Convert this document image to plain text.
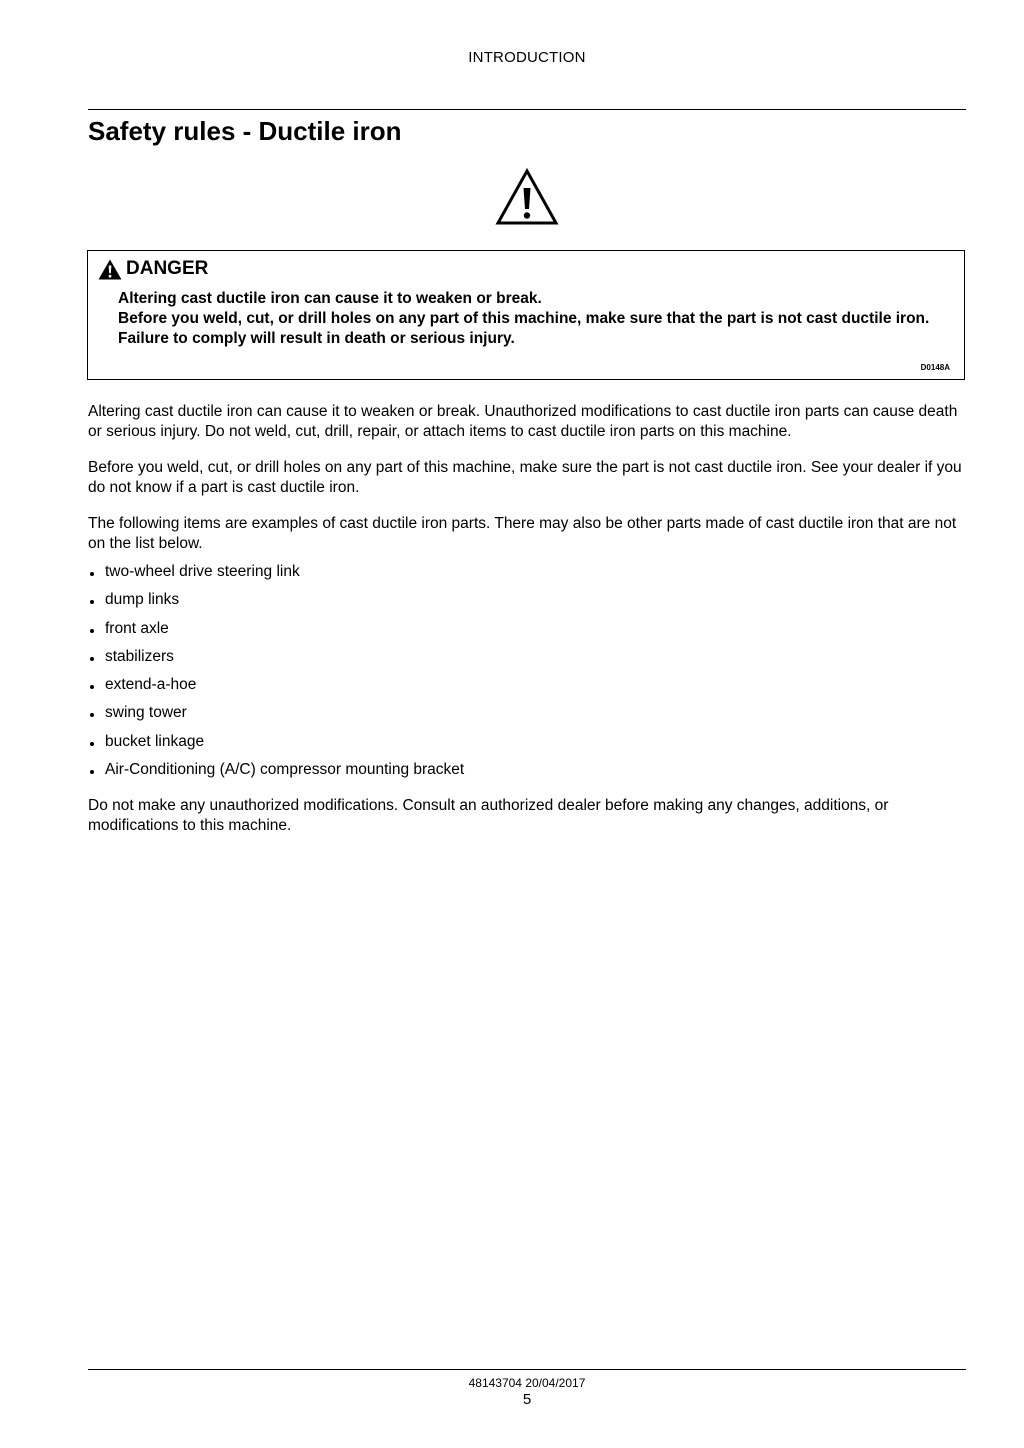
INTRODUCTION
Safety rules - Ductile iron
DANGER

Altering cast ductile iron can cause it to weaken or break.

Before you weld, cut, or drill holes on any part of this machine, make sure that the part is not cast ductile iron.

Failure to comply will result in death or serious injury.

D0148A

Altering cast ductile iron can cause it to weaken or break. Unauthorized modifications to cast ductile iron parts can cause death or serious injury. Do not weld, cut, drill, repair, or attach items to cast ductile iron parts on this machine.

Before you weld, cut, or drill holes on any part of this machine, make sure the part is not cast ductile iron. See your dealer if you do not know if a part is cast ductile iron.

The following items are examples of cast ductile iron parts. There may also be other parts made of cast ductile iron that are not on the list below.

two-wheel drive steering link
dump links
front axle
stabilizers
extend-a-hoe
swing tower
bucket linkage
Air-Conditioning (A/C) compressor mounting bracket

Do not make any unauthorized modifications. Consult an authorized dealer before making any changes, additions, or modifications to this machine.

48143704 20/04/2017
5
